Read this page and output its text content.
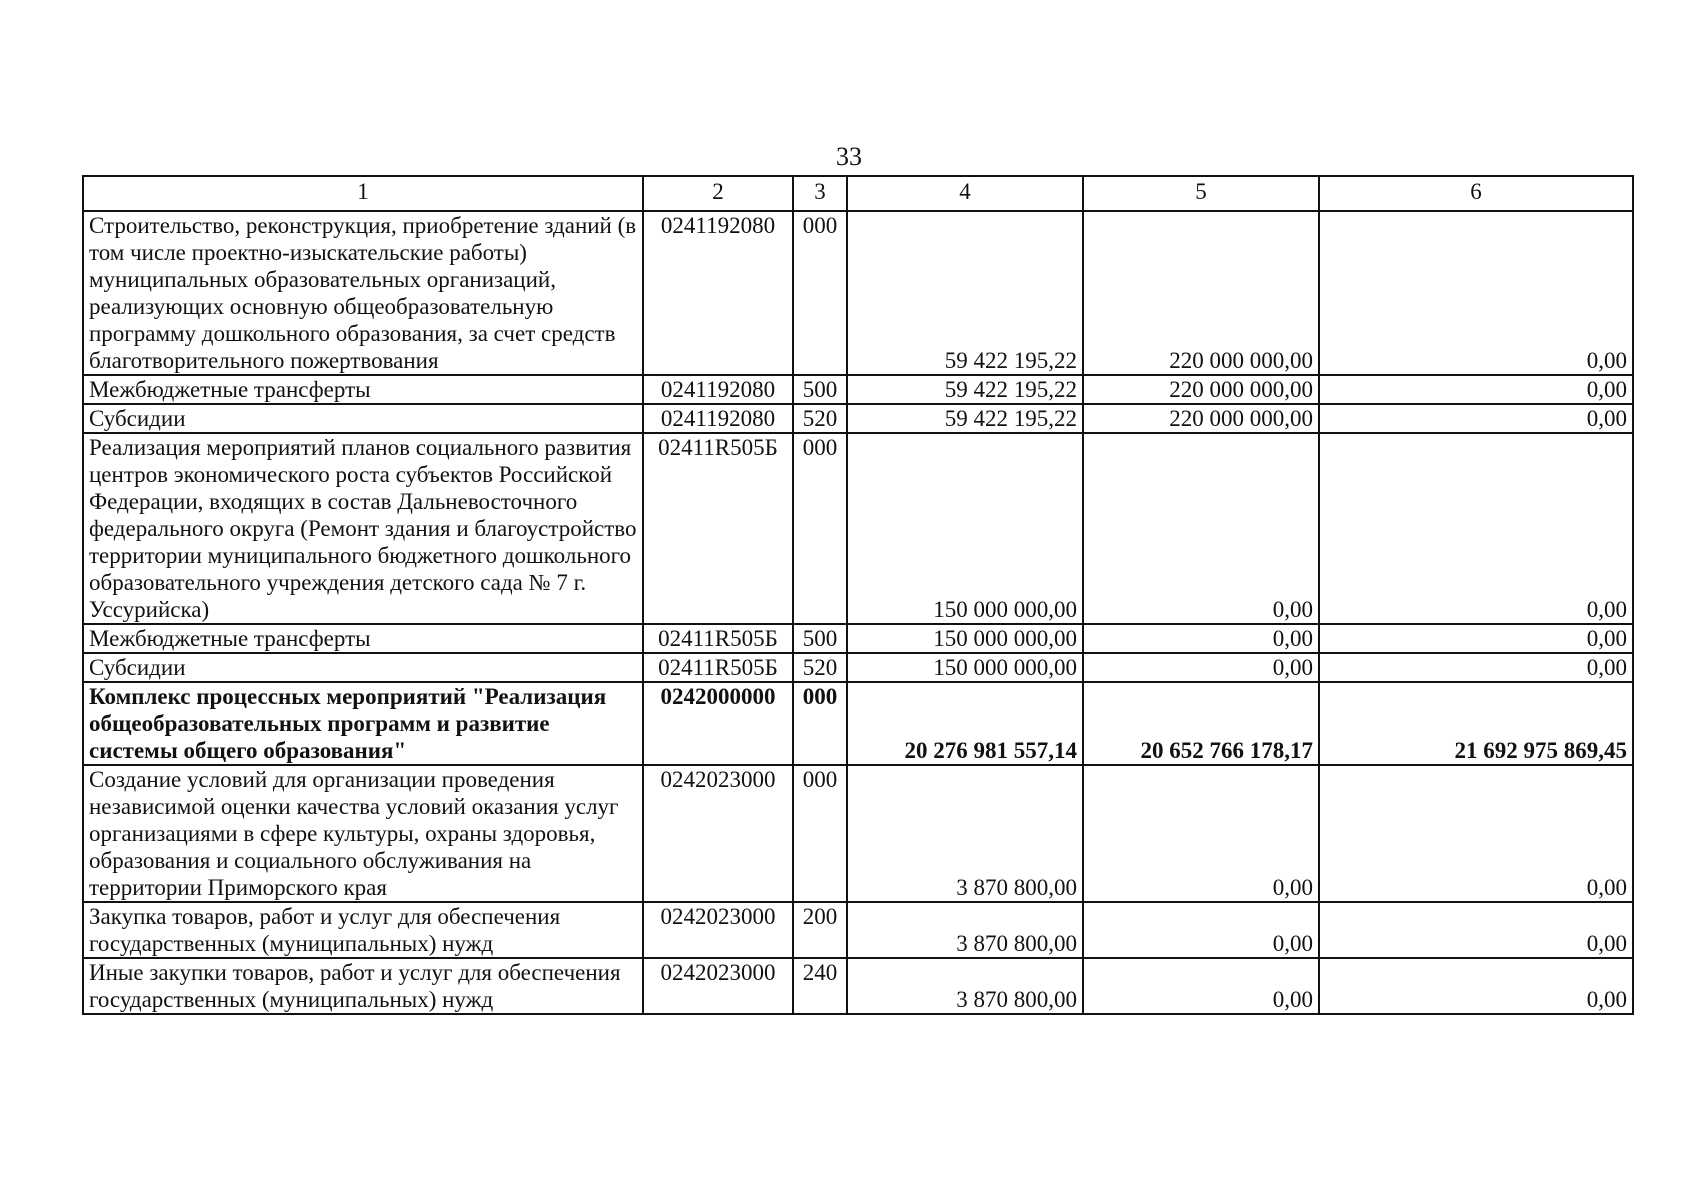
33
1	2	3	4	5	6
Строительство, реконструкция, приобретение зданий (в том числе проектно-изыскательские работы) муниципальных образовательных организаций, реализующих основную общеобразовательную программу дошкольного образования, за счет средств благотворительного пожертвования	0241192080	000	59 422 195,22	220 000 000,00	0,00
Межбюджетные трансферты	0241192080	500	59 422 195,22	220 000 000,00	0,00
Субсидии	0241192080	520	59 422 195,22	220 000 000,00	0,00
Реализация мероприятий планов социального развития центров экономического роста субъектов Российской Федерации, входящих в состав Дальневосточного федерального округа (Ремонт здания и благоустройство территории муниципального бюджетного дошкольного образовательного учреждения детского сада № 7 г. Уссурийска)	02411R505Б	000	150 000 000,00	0,00	0,00
Межбюджетные трансферты	02411R505Б	500	150 000 000,00	0,00	0,00
Субсидии	02411R505Б	520	150 000 000,00	0,00	0,00
Комплекс процессных мероприятий "Реализация общеобразовательных программ и развитие системы общего образования"	0242000000	000	20 276 981 557,14	20 652 766 178,17	21 692 975 869,45
Создание условий для организации проведения независимой оценки качества условий оказания услуг организациями в сфере культуры, охраны здоровья, образования и социального обслуживания на территории Приморского края	0242023000	000	3 870 800,00	0,00	0,00
Закупка товаров, работ и услуг для обеспечения государственных (муниципальных) нужд	0242023000	200	3 870 800,00	0,00	0,00
Иные закупки товаров, работ и услуг для обеспечения государственных (муниципальных) нужд	0242023000	240	3 870 800,00	0,00	0,00
